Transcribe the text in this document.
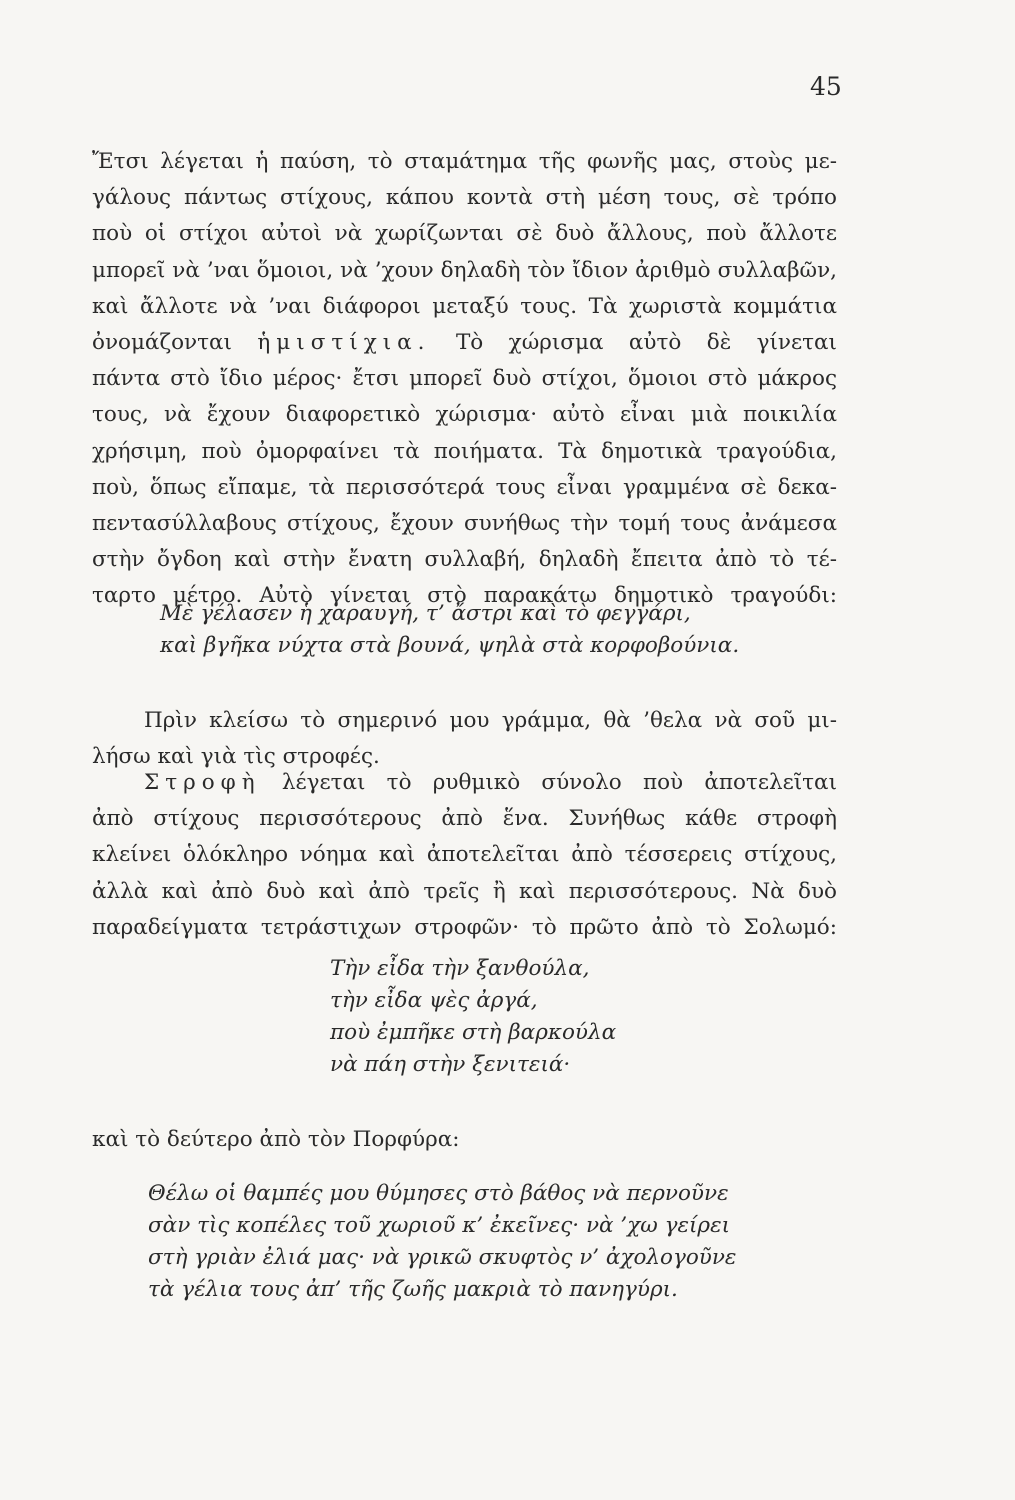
45
Ἔτσι λέγεται ἡ παύση, τὸ σταμάτημα τῆς φωνῆς μας, στοὺς με-
γάλους πάντως στίχους, κάπου κοντὰ στὴ μέση τους, σὲ τρόπο
ποὺ οἱ στίχοι αὐτοὶ νὰ χωρίζωνται σὲ δυὸ ἄλλους, ποὺ ἄλλοτε
μπορεῖ νὰ ’ναι ὅμοιοι, νὰ ’χουν δηλαδὴ τὸν ἴδιον ἀριθμὸ συλλαβῶν,
καὶ ἄλλοτε νὰ ’ναι διάφοροι μεταξύ τους. Τὰ χωριστὰ κομμάτια
ὀνομάζονται ἡμιστίχια. Τὸ χώρισμα αὐτὸ δὲ γίνεται
πάντα στὸ ἴδιο μέρος· ἔτσι μπορεῖ δυὸ στίχοι, ὅμοιοι στὸ μάκρος
τους, νὰ ἔχουν διαφορετικὸ χώρισμα· αὐτὸ εἶναι μιὰ ποικιλία
χρήσιμη, ποὺ ὀμορφαίνει τὰ ποιήματα. Τὰ δημοτικὰ τραγούδια,
ποὺ, ὅπως εἴπαμε, τὰ περισσότερά τους εἶναι γραμμένα σὲ δεκα-
πεντασύλλαβους στίχους, ἔχουν συνήθως τὴν τομή τους ἀνάμεσα
στὴν ὄγδοη καὶ στὴν ἔνατη συλλαβή, δηλαδὴ ἔπειτα ἀπὸ τὸ τέ-
ταρτο μέτρο. Αὐτὸ γίνεται στὸ παρακάτω δημοτικὸ τραγούδι:
Μὲ γέλασεν ἡ χαραυγή, τ’ ἄστρι καὶ τὸ φεγγάρι,
καὶ βγῆκα νύχτα στὰ βουνά, ψηλὰ στὰ κορφοβούνια.
Πρὶν κλείσω τὸ σημερινό μου γράμμα, θὰ ’θελα νὰ σοῦ μι-
λήσω καὶ γιὰ τὶς στροφές.
Στροφὴ λέγεται τὸ ρυθμικὸ σύνολο ποὺ ἀποτελεῖται
ἀπὸ στίχους περισσότερους ἀπὸ ἕνα. Συνήθως κάθε στροφὴ
κλείνει ὁλόκληρο νόημα καὶ ἀποτελεῖται ἀπὸ τέσσερεις στίχους,
ἀλλὰ καὶ ἀπὸ δυὸ καὶ ἀπὸ τρεῖς ἢ καὶ περισσότερους. Νὰ δυὸ
παραδείγματα τετράστιχων στροφῶν· τὸ πρῶτο ἀπὸ τὸ Σολωμό:
Τὴν εἶδα τὴν ξανθούλα,
τὴν εἶδα ψὲς ἀργά,
ποὺ ἐμπῆκε στὴ βαρκούλα
νὰ πάη στὴν ξενιτειά·
καὶ τὸ δεύτερο ἀπὸ τὸν Πορφύρα:
Θέλω οἱ θαμπές μου θύμησες στὸ βάθος νὰ περνοῦνε
σὰν τὶς κοπέλες τοῦ χωριοῦ κ’ ἐκεῖνες· νὰ ’χω γείρει
στὴ γριὰν ἐλιά μας· νὰ γρικῶ σκυφτὸς ν’ ἀχολογοῦνε
τὰ γέλια τους ἀπ’ τῆς ζωῆς μακριὰ τὸ πανηγύρι.
